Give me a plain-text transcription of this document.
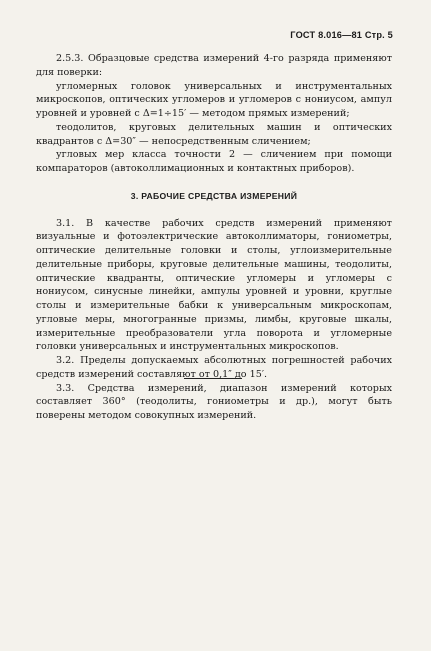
ГОСТ 8.016—81 Стр. 5

2.5.3. Образцовые средства измерений 4-го разряда применяют для поверки:

угломерных головок универсальных и инструментальных микроскопов, оптических угломеров и угломеров с нониусом, ампул уровней и уровней с Δ=1÷15′ — методом прямых измерений;

теодолитов, круговых делительных машин и оптических квадрантов с Δ=30″ — непосредственным сличением;

угловых мер класса точности 2 — сличением при помощи компараторов (автоколлимационных и контактных приборов).

3. РАБОЧИЕ СРЕДСТВА ИЗМЕРЕНИЙ

3.1. В качестве рабочих средств измерений применяют визуальные и фотоэлектрические автоколлиматоры, гониометры, оптические делительные головки и столы, углоизмерительные делительные приборы, круговые делительные машины, теодолиты, оптические квадранты, оптические угломеры и угломеры с нониусом, синусные линейки, ампулы уровней и уровни, круглые столы и измерительные бабки к универсальным микроскопам, угловые меры, многогранные призмы, лимбы, круговые шкалы, измерительные преобразователи угла поворота и угломерные головки универсальных и инструментальных микроскопов.

3.2. Пределы допускаемых абсолютных погрешностей рабочих средств измерений составляют от 0,1″ до 15′.

3.3. Средства измерений, диапазон измерений которых составляет 360° (теодолиты, гониометры и др.), могут быть поверены методом совокупных измерений.
